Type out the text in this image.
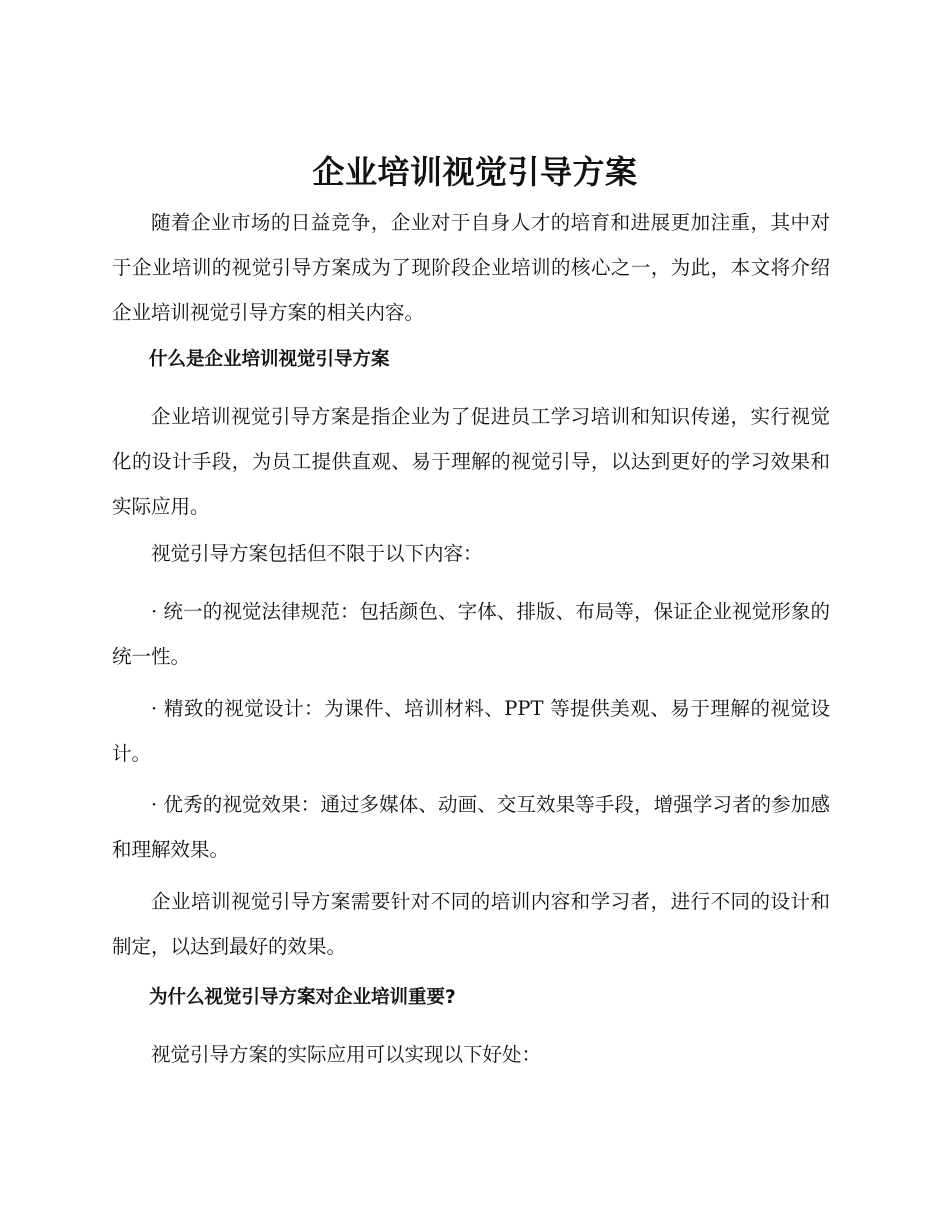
企业培训视觉引导方案

随着企业市场的日益竞争，企业对于自身人才的培育和进展更加注重，其中对于企业培训的视觉引导方案成为了现阶段企业培训的核心之一，为此，本文将介绍企业培训视觉引导方案的相关内容。

什么是企业培训视觉引导方案

企业培训视觉引导方案是指企业为了促进员工学习培训和知识传递，实行视觉化的设计手段，为员工提供直观、易于理解的视觉引导，以达到更好的学习效果和实际应用。

视觉引导方案包括但不限于以下内容：

· 统一的视觉法律规范：包括颜色、字体、排版、布局等，保证企业视觉形象的统一性。

· 精致的视觉设计：为课件、培训材料、PPT 等提供美观、易于理解的视觉设计。

· 优秀的视觉效果：通过多媒体、动画、交互效果等手段，增强学习者的参加感和理解效果。

企业培训视觉引导方案需要针对不同的培训内容和学习者，进行不同的设计和制定，以达到最好的效果。

为什么视觉引导方案对企业培训重要?

视觉引导方案的实际应用可以实现以下好处：
